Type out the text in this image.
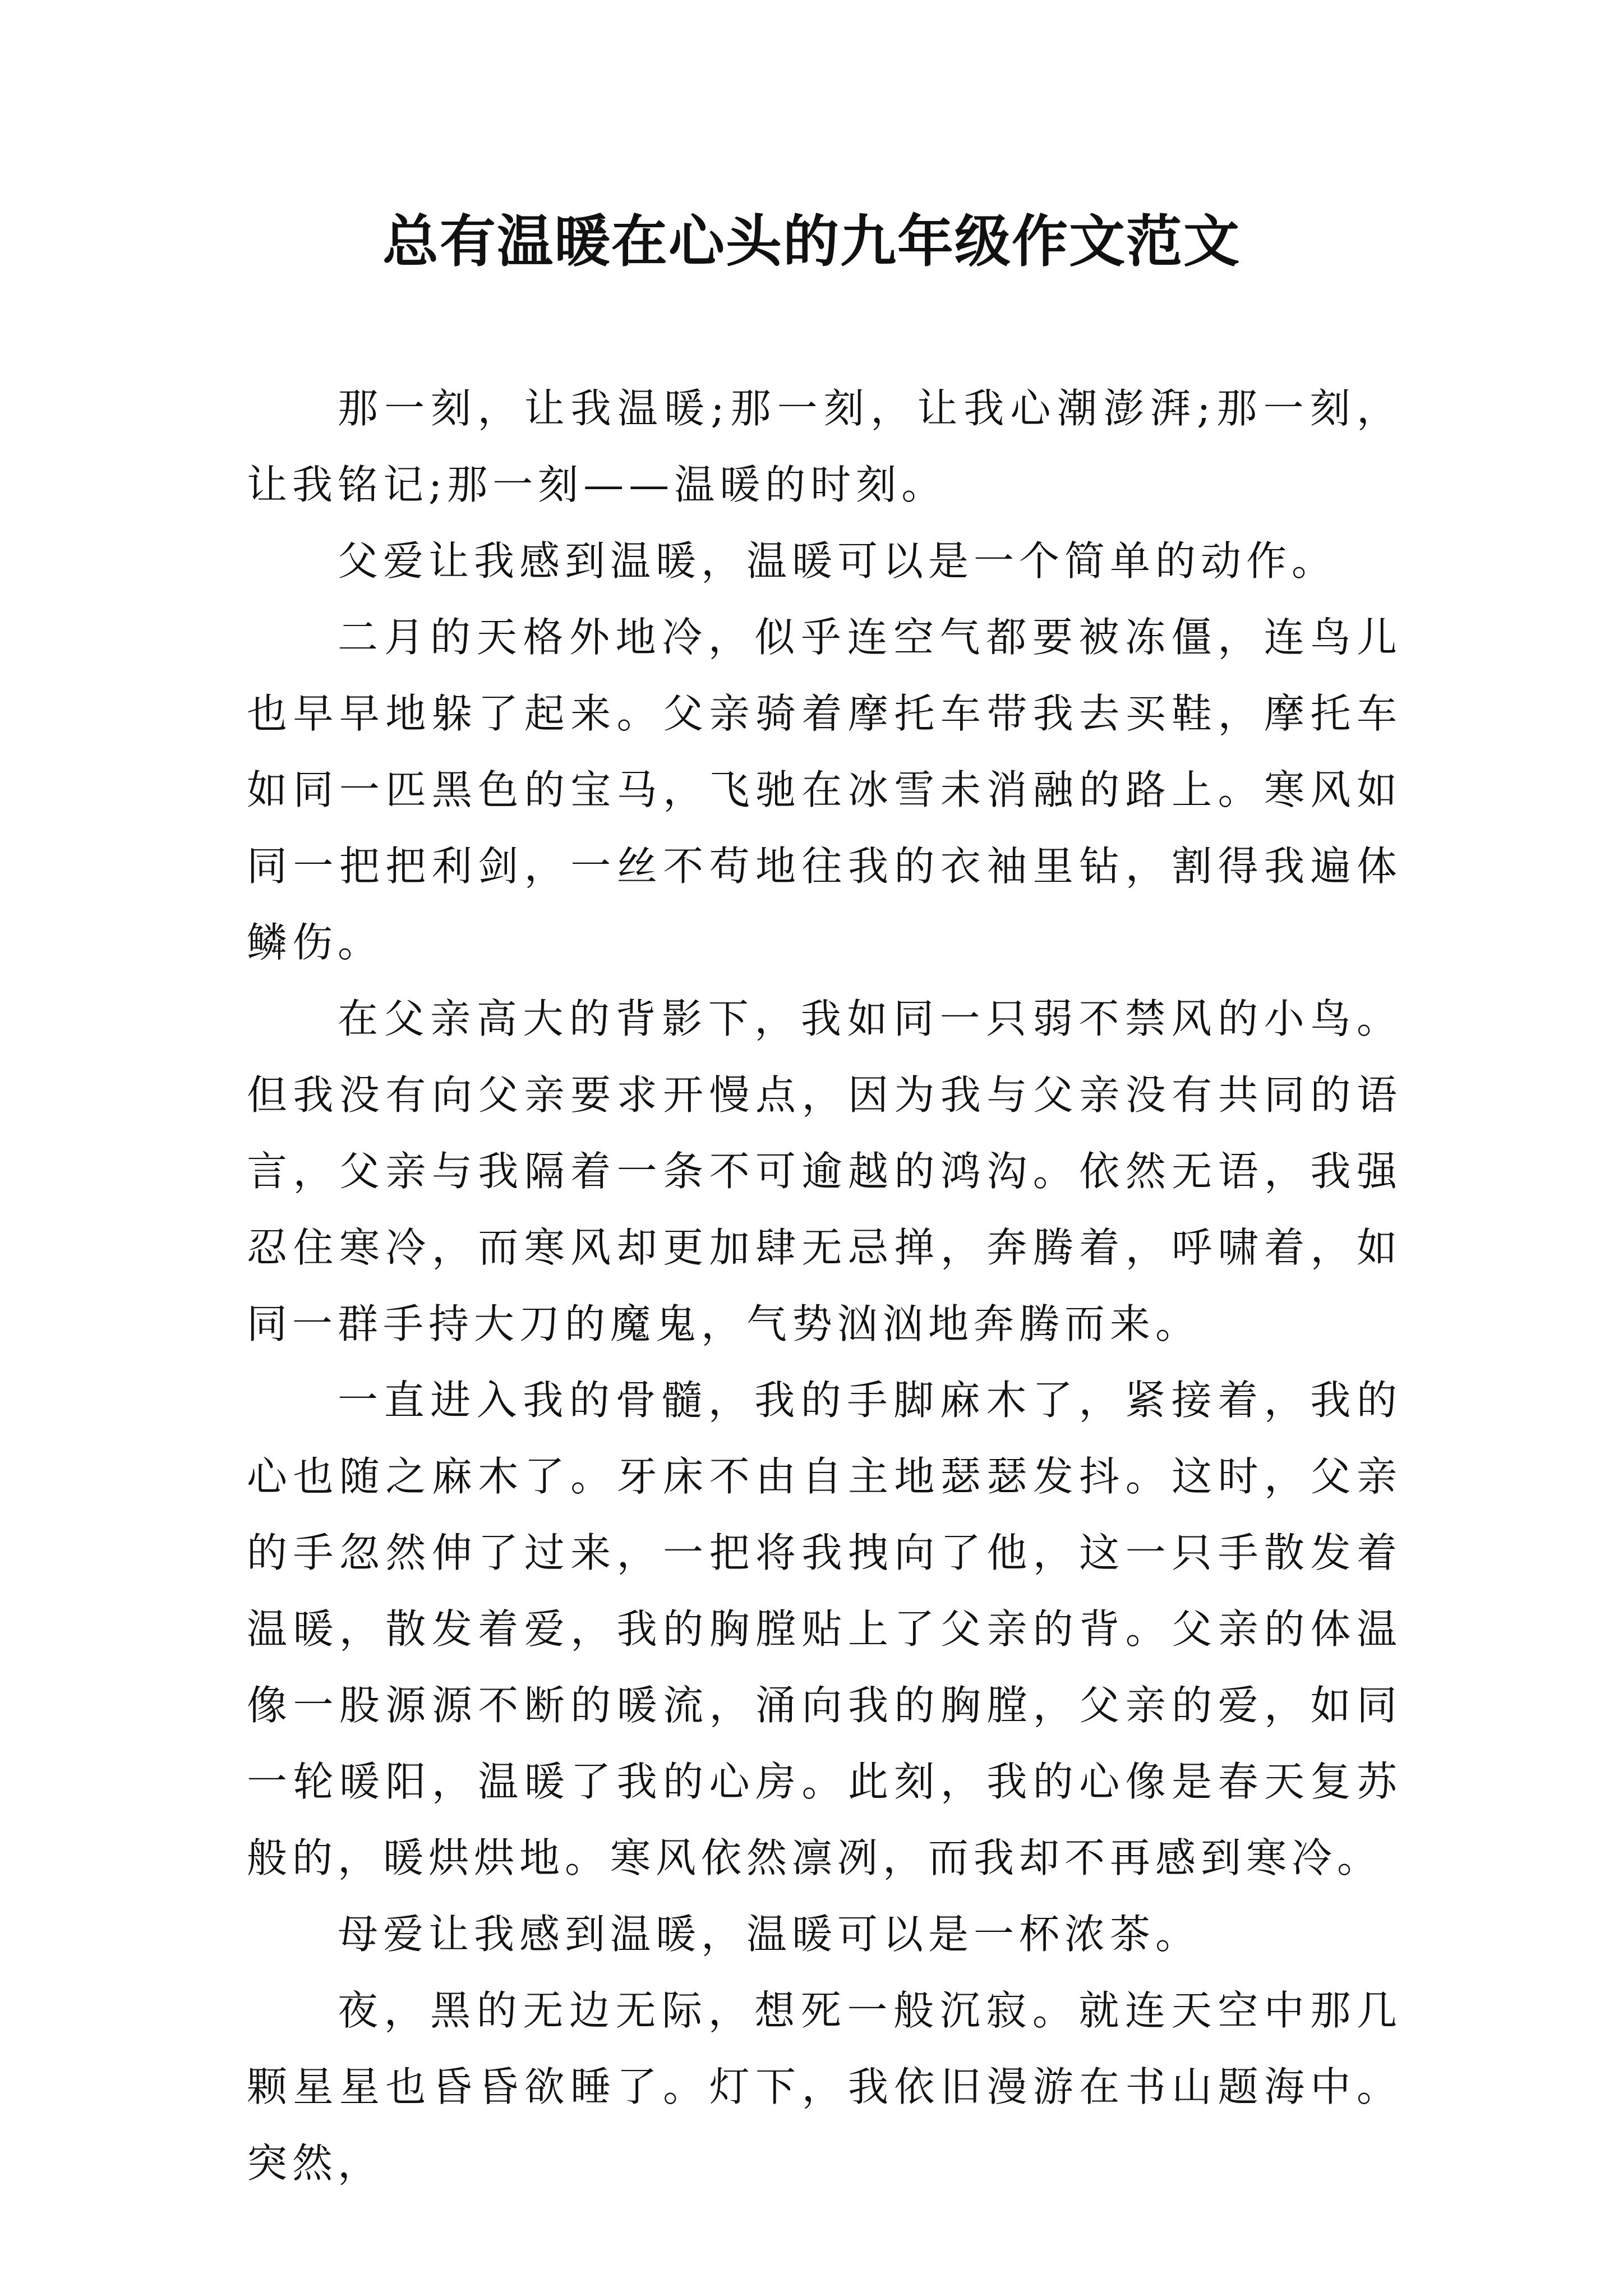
总有温暖在心头的九年级作文范文

那一刻，让我温暖;那一刻，让我心潮澎湃;那一刻，让我铭记;那一刻——温暖的时刻。

父爱让我感到温暖，温暖可以是一个简单的动作。

二月的天格外地冷，似乎连空气都要被冻僵，连鸟儿也早早地躲了起来。父亲骑着摩托车带我去买鞋，摩托车如同一匹黑色的宝马，飞驰在冰雪未消融的路上。寒风如同一把把利剑，一丝不苟地往我的衣袖里钻，割得我遍体鳞伤。

在父亲高大的背影下，我如同一只弱不禁风的小鸟。但我没有向父亲要求开慢点，因为我与父亲没有共同的语言，父亲与我隔着一条不可逾越的鸿沟。依然无语，我强忍住寒冷，而寒风却更加肆无忌掸，奔腾着，呼啸着，如同一群手持大刀的魔鬼，气势汹汹地奔腾而来。

一直进入我的骨髓，我的手脚麻木了，紧接着，我的心也随之麻木了。牙床不由自主地瑟瑟发抖。这时，父亲的手忽然伸了过来，一把将我拽向了他，这一只手散发着温暖，散发着爱，我的胸膛贴上了父亲的背。父亲的体温像一股源源不断的暖流，涌向我的胸膛，父亲的爱，如同一轮暖阳，温暖了我的心房。此刻，我的心像是春天复苏般的，暖烘烘地。寒风依然凛冽，而我却不再感到寒冷。

母爱让我感到温暖，温暖可以是一杯浓茶。

夜，黑的无边无际，想死一般沉寂。就连天空中那几颗星星也昏昏欲睡了。灯下，我依旧漫游在书山题海中。突然，
